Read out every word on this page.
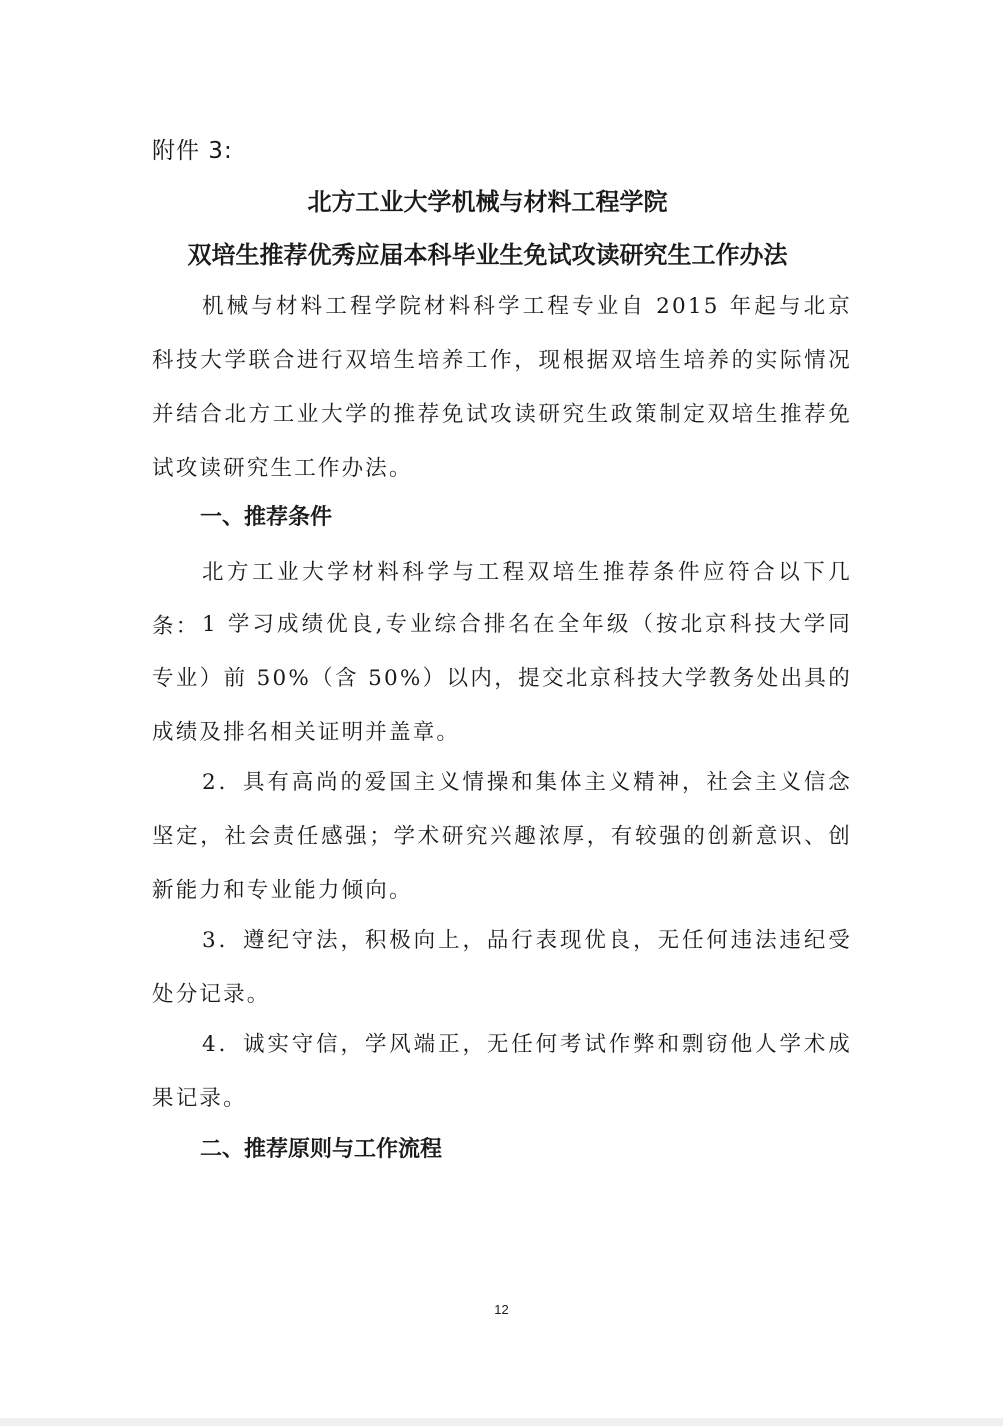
附件 3:

北方工业大学机械与材料工程学院
双培生推荐优秀应届本科毕业生免试攻读研究生工作办法

机械与材料工程学院材料科学工程专业自 2015 年起与北京科技大学联合进行双培生培养工作，现根据双培生培养的实际情况并结合北方工业大学的推荐免试攻读研究生政策制定双培生推荐免试攻读研究生工作办法。

一、推荐条件

北方工业大学材料科学与工程双培生推荐条件应符合以下几条： 1 学习成绩优良,专业综合排名在全年级（按北京科技大学同专业）前 50%（含 50%）以内，提交北京科技大学教务处出具的成绩及排名相关证明并盖章。

2．具有高尚的爱国主义情操和集体主义精神，社会主义信念坚定，社会责任感强；学术研究兴趣浓厚，有较强的创新意识、创新能力和专业能力倾向。

3．遵纪守法，积极向上，品行表现优良，无任何违法违纪受处分记录。

4．诚实守信，学风端正，无任何考试作弊和剽窃他人学术成果记录。

二、推荐原则与工作流程

12
